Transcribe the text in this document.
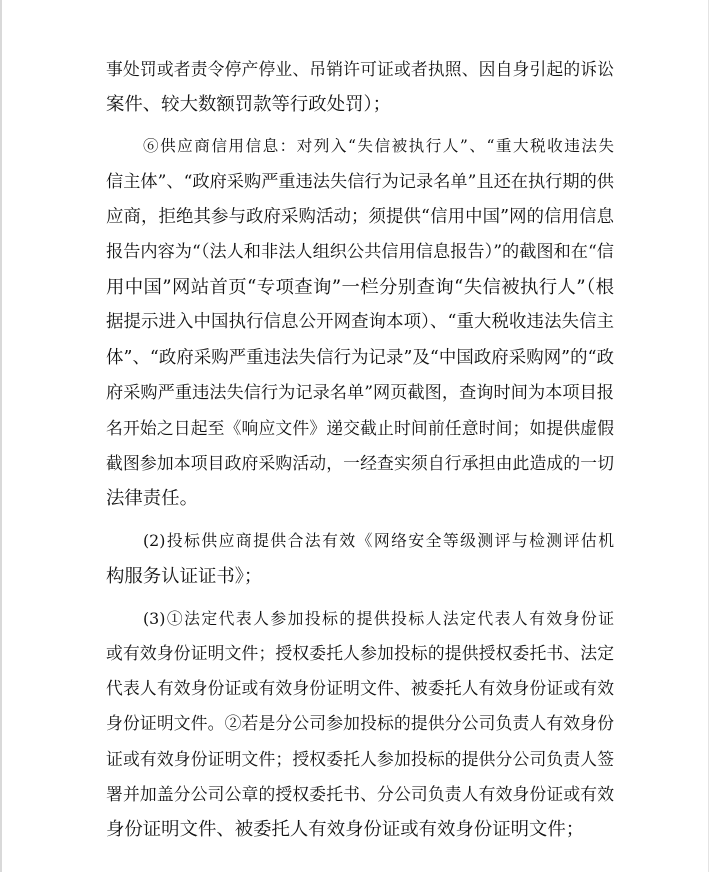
事处罚或者责令停产停业、吊销许可证或者执照、因自身引起的诉讼
案件、较大数额罚款等行政处罚）；
⑥供应商信用信息：对列入“失信被执行人”、“重大税收违法失
信主体”、“政府采购严重违法失信行为记录名单”且还在执行期的供
应商，拒绝其参与政府采购活动；须提供“信用中国”网的信用信息
报告内容为“（法人和非法人组织公共信用信息报告）”的截图和在“信
用中国”网站首页“专项查询”一栏分别查询“失信被执行人”（根
据提示进入中国执行信息公开网查询本项）、“重大税收违法失信主
体”、“政府采购严重违法失信行为记录”及“中国政府采购网”的“政
府采购严重违法失信行为记录名单”网页截图，查询时间为本项目报
名开始之日起至《响应文件》递交截止时间前任意时间；如提供虚假
截图参加本项目政府采购活动，一经查实须自行承担由此造成的一切
法律责任。
(2)投标供应商提供合法有效《网络安全等级测评与检测评估机
构服务认证证书》；
(3)①法定代表人参加投标的提供投标人法定代表人有效身份证
或有效身份证明文件；授权委托人参加投标的提供授权委托书、法定
代表人有效身份证或有效身份证明文件、被委托人有效身份证或有效
身份证明文件。②若是分公司参加投标的提供分公司负责人有效身份
证或有效身份证明文件；授权委托人参加投标的提供分公司负责人签
署并加盖分公司公章的授权委托书、分公司负责人有效身份证或有效
身份证明文件、被委托人有效身份证或有效身份证明文件；
